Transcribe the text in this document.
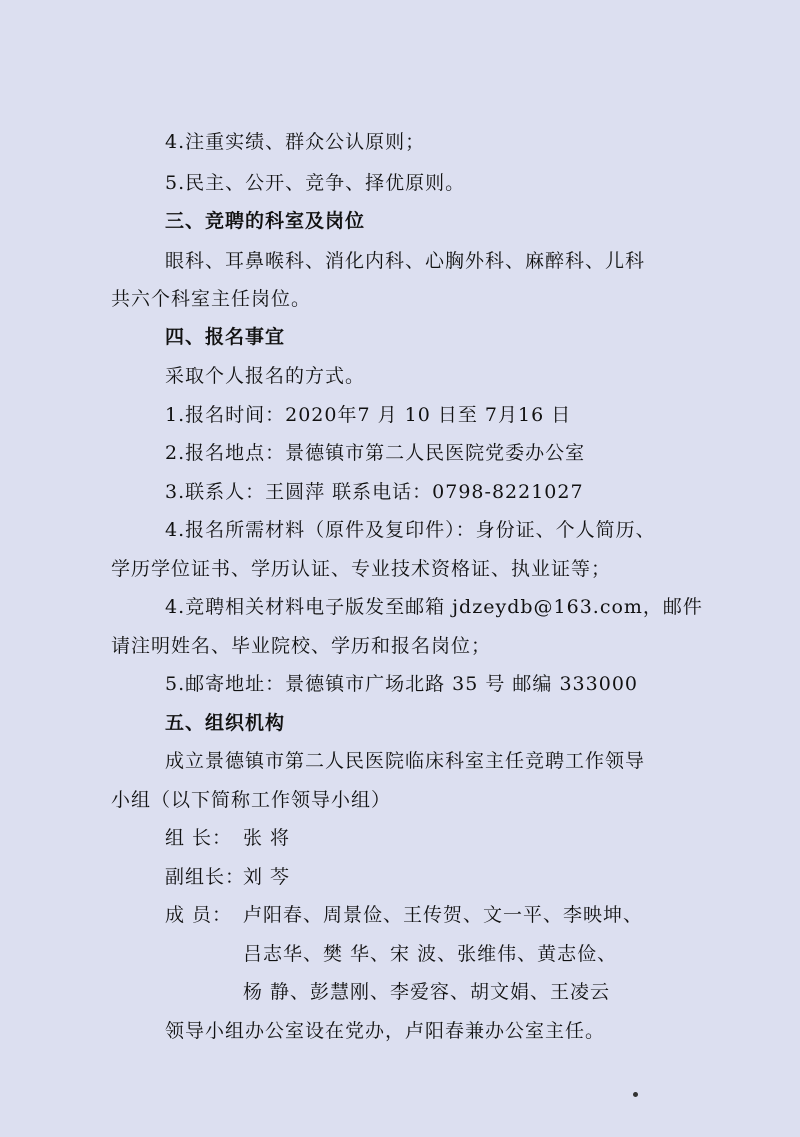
4.注重实绩、群众公认原则；
5.民主、公开、竞争、择优原则。
三、竞聘的科室及岗位
眼科、耳鼻喉科、消化内科、心胸外科、麻醉科、儿科
共六个科室主任岗位。
四、报名事宜
采取个人报名的方式。
1.报名时间：2020年7 月 10 日至 7月16 日
2.报名地点：景德镇市第二人民医院党委办公室
3.联系人：王圆萍 联系电话：0798-8221027
4.报名所需材料（原件及复印件）：身份证、个人简历、
学历学位证书、学历认证、专业技术资格证、执业证等；
4.竞聘相关材料电子版发至邮箱 jdzeydb@163.com，邮件
请注明姓名、毕业院校、学历和报名岗位；
5.邮寄地址：景德镇市广场北路 35 号 邮编 333000
五、组织机构
成立景德镇市第二人民医院临床科室主任竞聘工作领导
小组（以下简称工作领导小组）
组 长： 张 将
副组长：刘 芩
成 员： 卢阳春、周景俭、王传贺、文一平、李映坤、
吕志华、樊 华、宋 波、张维伟、黄志俭、
杨 静、彭慧刚、李爱容、胡文娟、王凌云
领导小组办公室设在党办，卢阳春兼办公室主任。
